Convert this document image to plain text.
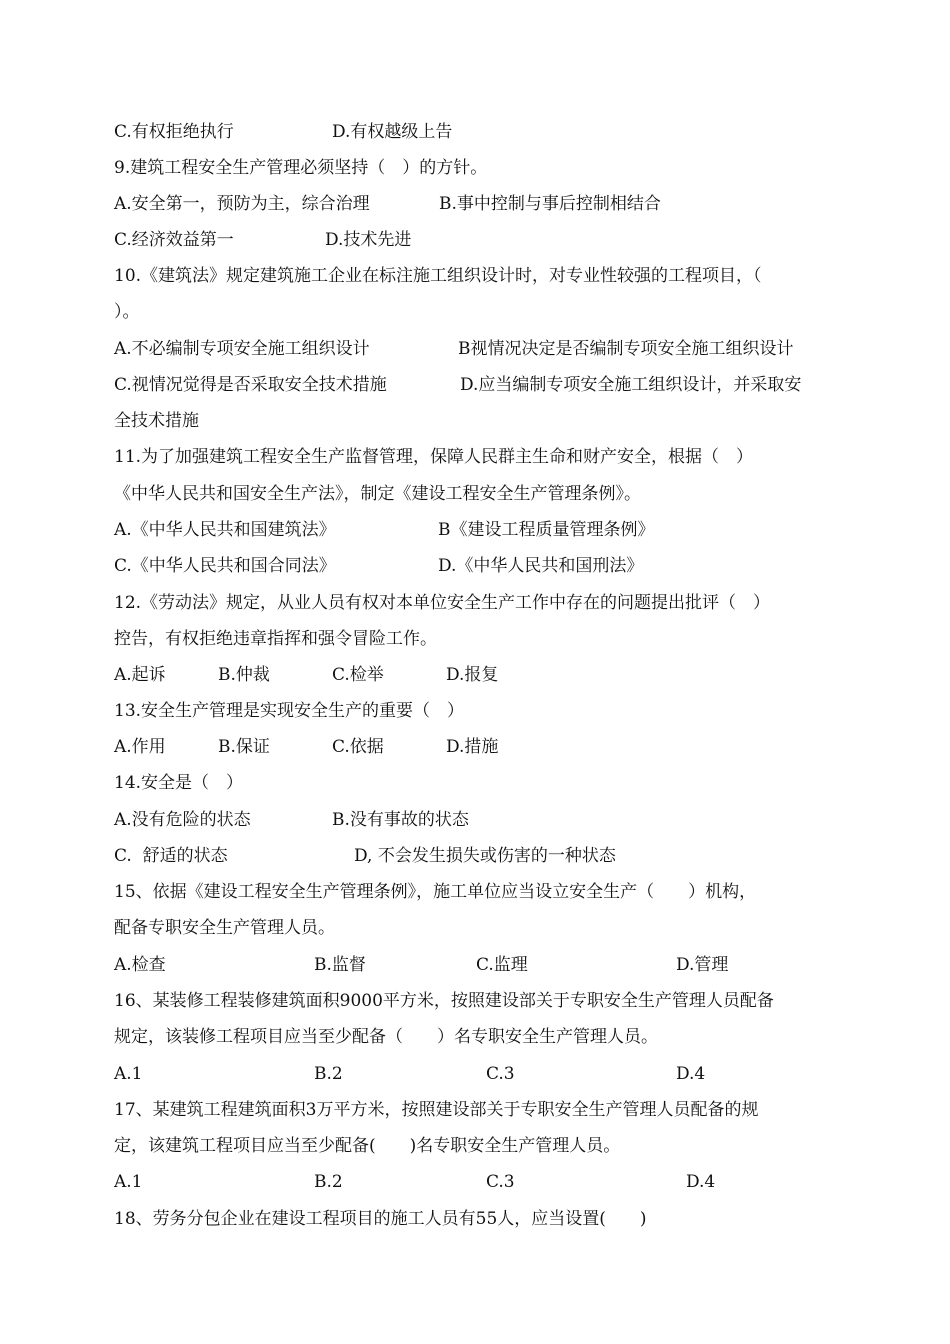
C.有权拒绝执行

	D.有权越级上告

9.建筑工程安全生产管理必须坚持（　）的方针。

A.安全第一，预防为主，综合治理

	B.事中控制与事后控制相结合

C.经济效益第一

	D.技术先进

10.《建筑法》规定建筑施工企业在标注施工组织设计时，对专业性较强的工程项目，（
）。

A.不必编制专项安全施工组织设计

	B视情况决定是否编制专项安全施工组织设计

C.视情况觉得是否采取安全技术措施

	D.应当编制专项安全施工组织设计，并采取安

全技术措施
11.为了加强建筑工程安全生产监督管理，保障人民群主生命和财产安全，根据（　）
《中华人民共和国安全生产法》，制定《建设工程安全生产管理条例》。

A.《中华人民共和国建筑法》

	B《建设工程质量管理条例》

C.《中华人民共和国合同法》

	D.《中华人民共和国刑法》

12.《劳动法》规定，从业人员有权对本单位安全生产工作中存在的问题提出批评（　）
控告，有权拒绝违章指挥和强令冒险工作。

A.起诉

	B.仲裁

	C.检举

	D.报复

13.安全生产管理是实现安全生产的重要（　）

A.作用

	B.保证

	C.依据

	D.措施

14.安全是（　）

A.没有危险的状态

	B.没有事故的状态

C.  舒适的状态

	D, 不会发生损失或伤害的一种状态

15、依据《建设工程安全生产管理条例》，施工单位应当设立安全生产（　　）机构，
配备专职安全生产管理人员。

A.检查

	B.监督

	C.监理

	D.管理

16、某装修工程装修建筑面积9000平方米，按照建设部关于专职安全生产管理人员配备
规定，该装修工程项目应当至少配备（　　）名专职安全生产管理人员。

A.1

	B.2

	C.3

	D.4

17、某建筑工程建筑面积3万平方米，按照建设部关于专职安全生产管理人员配备的规
定，该建筑工程项目应当至少配备(　　)名专职安全生产管理人员。

A.1

	B.2

	C.3

	D.4

18、劳务分包企业在建设工程项目的施工人员有55人，应当设置(　　)
